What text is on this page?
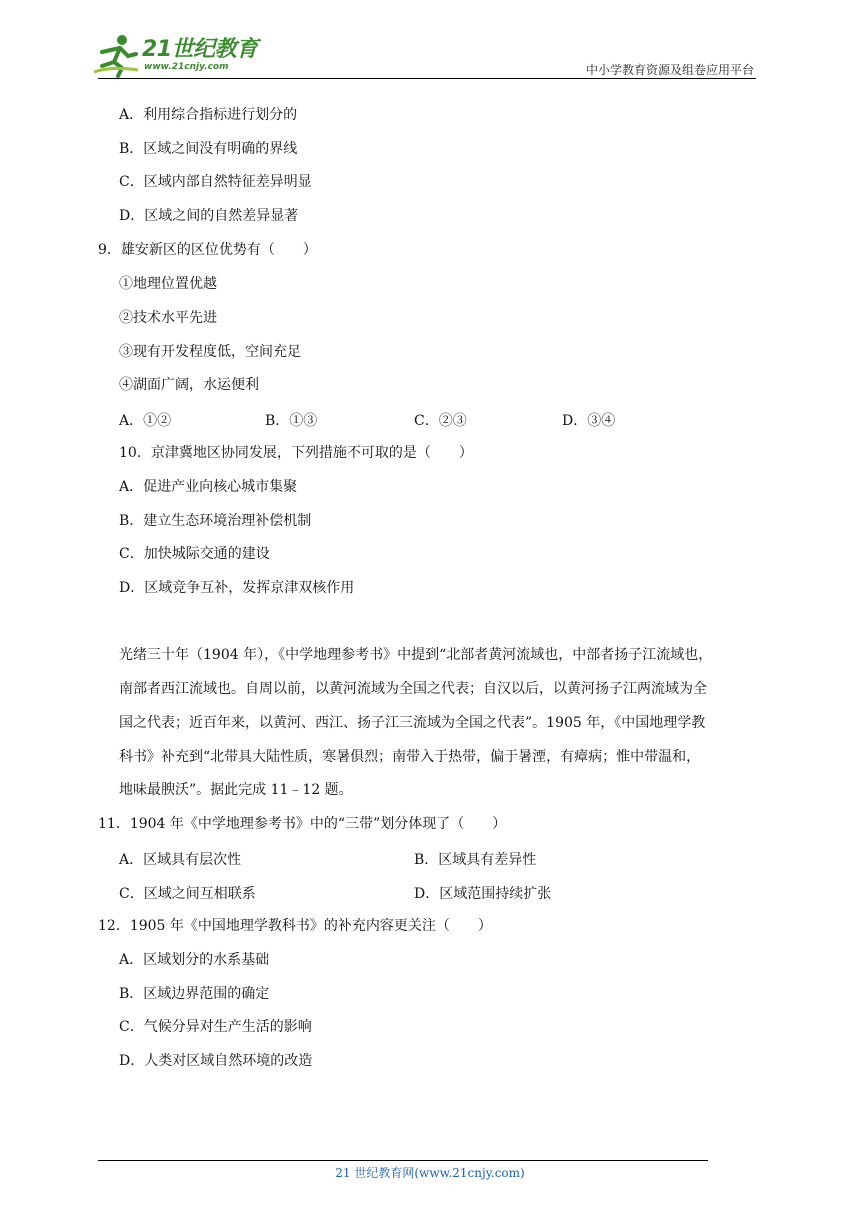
21世纪教育
www.21cnjy.com	中小学教育资源及组卷应用平台
A．利用综合指标进行划分的
B．区域之间没有明确的界线
C．区域内部自然特征差异明显
D．区域之间的自然差异显著
9．雄安新区的区位优势有（　　）
①地理位置优越
②技术水平先进
③现有开发程度低，空间充足
④湖面广阔，水运便利
A．①②	B．①③	C．②③	D．③④
10．京津冀地区协同发展，下列措施不可取的是（　　）
A．促进产业向核心城市集聚
B．建立生态环境治理补偿机制
C．加快城际交通的建设
D．区域竞争互补，发挥京津双核作用
光绪三十年（1904 年），《中学地理参考书》中提到“北部者黄河流域也，中部者扬子江流域也，
南部者西江流域也。自周以前，以黄河流域为全国之代表；自汉以后，以黄河扬子江两流域为全
国之代表；近百年来，以黄河、西江、扬子江三流域为全国之代表”。1905 年，《中国地理学教
科书》补充到“北带具大陆性质，寒暑俱烈；南带入于热带，偏于暑湮，有瘴病；惟中带温和，
地味最腴沃”。据此完成 11﹣12 题。
11．1904 年《中学地理参考书》中的“三带”划分体现了（　　）
A．区域具有层次性	B．区域具有差异性
C．区域之间互相联系	D．区域范围持续扩张
12．1905 年《中国地理学教科书》的补充内容更关注（　　）
A．区域划分的水系基础
B．区域边界范围的确定
C．气候分异对生产生活的影响
D．人类对区域自然环境的改造
21 世纪教育网(www.21cnjy.com)
